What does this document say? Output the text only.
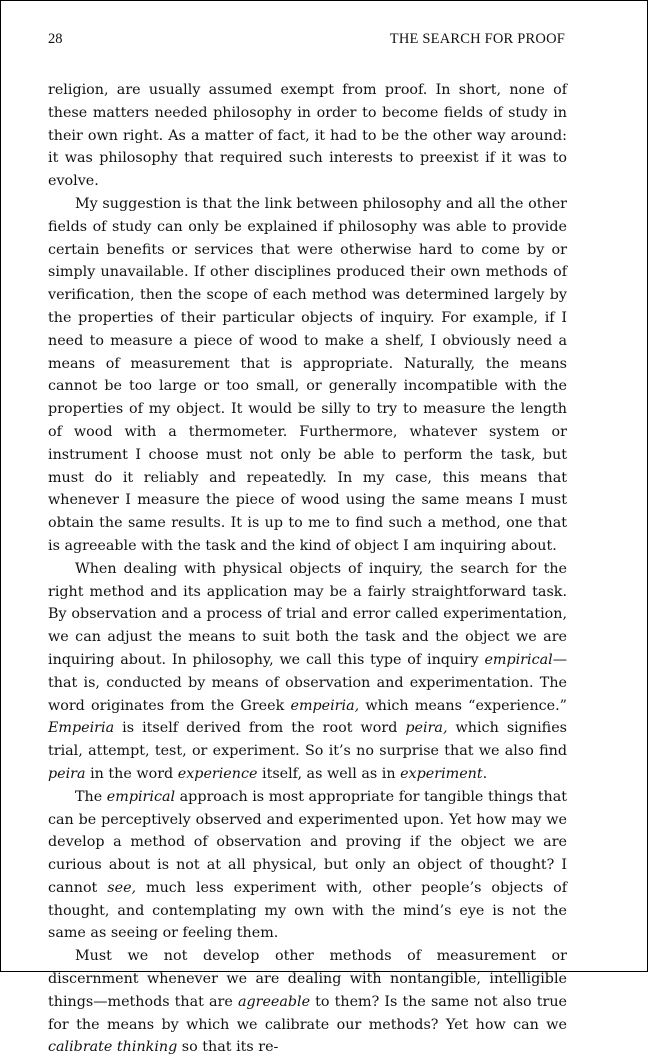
28	THE SEARCH FOR PROOF

religion, are usually assumed exempt from proof. In short, none of these matters needed philosophy in order to become fields of study in their own right. As a matter of fact, it had to be the other way around: it was philosophy that required such interests to preexist if it was to evolve.

My suggestion is that the link between philosophy and all the other fields of study can only be explained if philosophy was able to provide certain benefits or services that were otherwise hard to come by or simply unavailable. If other disciplines produced their own methods of verification, then the scope of each method was determined largely by the properties of their particular objects of inquiry. For example, if I need to measure a piece of wood to make a shelf, I obviously need a means of measurement that is appropriate. Naturally, the means cannot be too large or too small, or generally incompatible with the properties of my object. It would be silly to try to measure the length of wood with a thermometer. Furthermore, whatever system or instrument I choose must not only be able to perform the task, but must do it reliably and repeatedly. In my case, this means that whenever I measure the piece of wood using the same means I must obtain the same results. It is up to me to find such a method, one that is agreeable with the task and the kind of object I am inquiring about.

When dealing with physical objects of inquiry, the search for the right method and its application may be a fairly straightforward task. By observation and a process of trial and error called experimentation, we can adjust the means to suit both the task and the object we are inquiring about. In philosophy, we call this type of inquiry empirical—that is, conducted by means of observation and experimentation. The word originates from the Greek empeiria, which means “experience.” Empeiria is itself derived from the root word peira, which signifies trial, attempt, test, or experiment. So it’s no surprise that we also find peira in the word experience itself, as well as in experiment.

The empirical approach is most appropriate for tangible things that can be perceptively observed and experimented upon. Yet how may we develop a method of observation and proving if the object we are curious about is not at all physical, but only an object of thought? I cannot see, much less experiment with, other people’s objects of thought, and contemplating my own with the mind’s eye is not the same as seeing or feeling them.

Must we not develop other methods of measurement or discernment whenever we are dealing with nontangible, intelligible things—methods that are agreeable to them? Is the same not also true for the means by which we calibrate our methods? Yet how can we calibrate thinking so that its re-
